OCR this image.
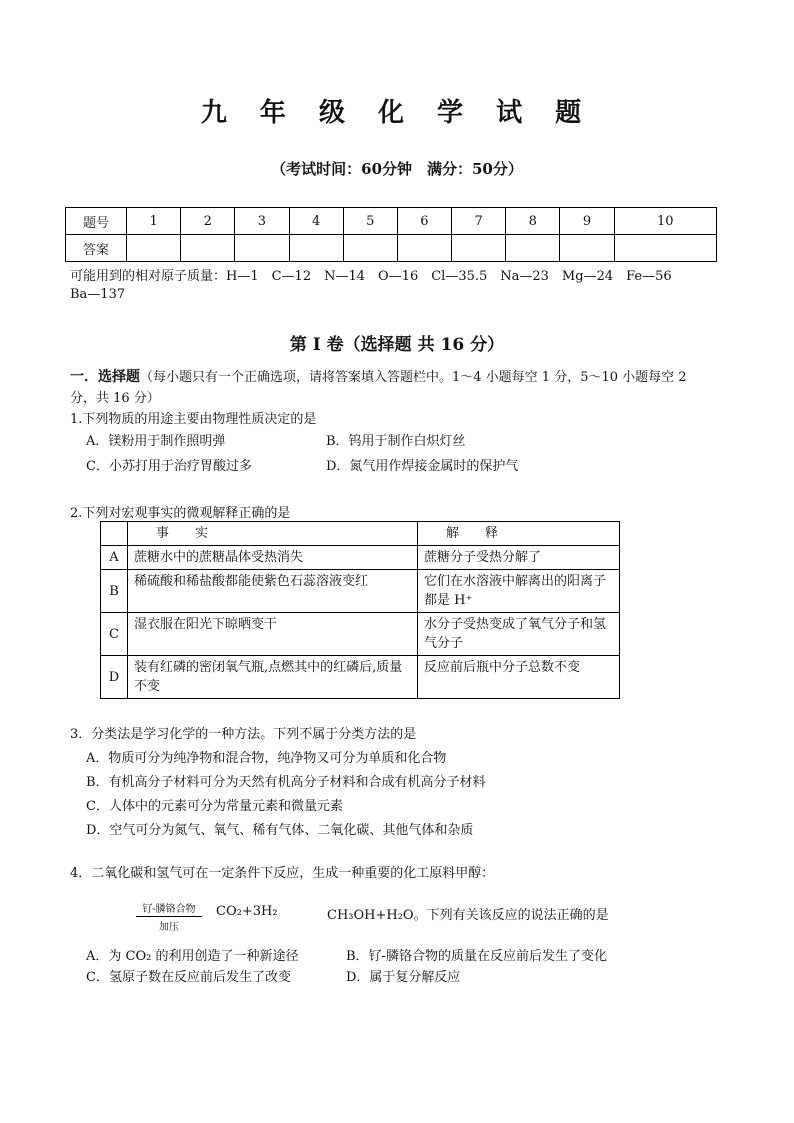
九 年 级 化 学 试 题
（考试时间：60分钟　满分：50分）
题号	1	2	3	4	5	6	7	8	9	10
答案										
可能用到的相对原子质量：H—1　C—12　N—14　O—16　Cl—35.5　Na—23　Mg—24　Fe—56
Ba—137
第 I 卷（选择题 共 16 分）
一．选择题（每小题只有一个正确选项，请将答案填入答题栏中。1～4 小题每空 1 分，5～10 小题每空 2
分，共 16 分）
1.下列物质的用途主要由物理性质决定的是
A．镁粉用于制作照明弹	B．钨用于制作白炽灯丝
C．小苏打用于治疗胃酸过多	D．氮气用作焊接金属时的保护气
2.下列对宏观事实的微观解释正确的是
	事　　实	解　　释
A	蔗糖水中的蔗糖晶体受热消失	蔗糖分子受热分解了
B	稀硫酸和稀盐酸都能使紫色石蕊溶液变红	它们在水溶液中解离出的阳离子都是 H⁺
C	湿衣服在阳光下晾晒变干	水分子受热变成了氧气分子和氢气分子
D	装有红磷的密闭氧气瓶,点燃其中的红磷后,质量不变	反应前后瓶中分子总数不变
3．分类法是学习化学的一种方法。下列不属于分类方法的是
A．物质可分为纯净物和混合物，纯净物又可分为单质和化合物
B．有机高分子材料可分为天然有机高分子材料和合成有机高分子材料
C．人体中的元素可分为常量元素和微量元素
D．空气可分为氮气、氧气、稀有气体、二氧化碳、其他气体和杂质
4．二氧化碳和氢气可在一定条件下反应，生成一种重要的化工原料甲醇：
钌-膦铬合物
加压
CO₂+3H₂	CH₃OH+H₂O。下列有关该反应的说法正确的是
A．为 CO₂ 的利用创造了一种新途径	B．钌-膦铬合物的质量在反应前后发生了变化
C．氢原子数在反应前后发生了改变	D．属于复分解反应
